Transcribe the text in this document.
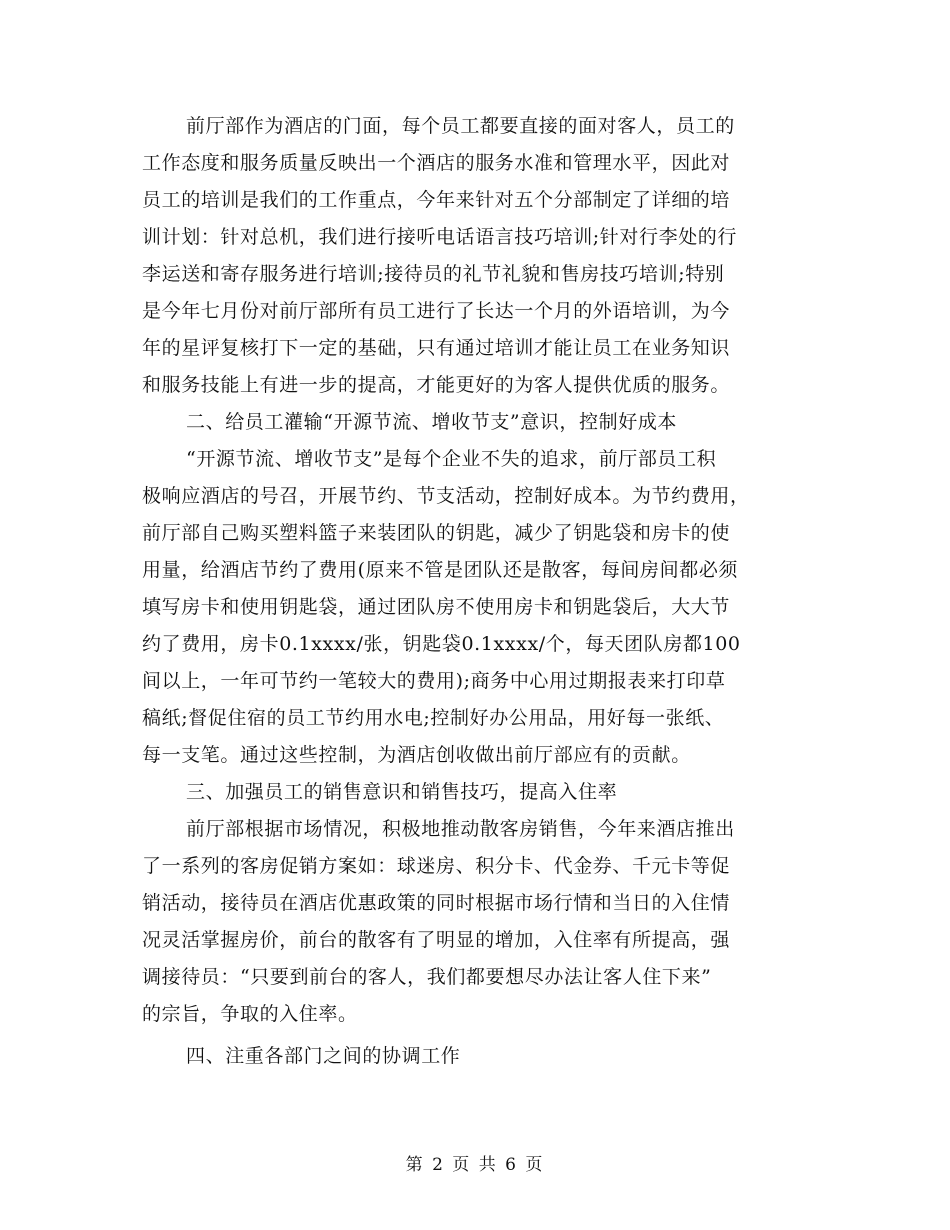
前厅部作为酒店的门面，每个员工都要直接的面对客人，员工的
工作态度和服务质量反映出一个酒店的服务水准和管理水平，因此对
员工的培训是我们的工作重点，今年来针对五个分部制定了详细的培
训计划：针对总机，我们进行接听电话语言技巧培训;针对行李处的行
李运送和寄存服务进行培训;接待员的礼节礼貌和售房技巧培训;特别
是今年七月份对前厅部所有员工进行了长达一个月的外语培训，为今
年的星评复核打下一定的基础，只有通过培训才能让员工在业务知识
和服务技能上有进一步的提高，才能更好的为客人提供优质的服务。
二、给员工灌输“开源节流、增收节支”意识，控制好成本
“开源节流、增收节支”是每个企业不失的追求，前厅部员工积
极响应酒店的号召，开展节约、节支活动，控制好成本。为节约费用，
前厅部自己购买塑料篮子来装团队的钥匙，减少了钥匙袋和房卡的使
用量，给酒店节约了费用(原来不管是团队还是散客，每间房间都必须
填写房卡和使用钥匙袋，通过团队房不使用房卡和钥匙袋后，大大节
约了费用，房卡0.1xxxx/张，钥匙袋0.1xxxx/个，每天团队房都100
间以上，一年可节约一笔较大的费用);商务中心用过期报表来打印草
稿纸;督促住宿的员工节约用水电;控制好办公用品，用好每一张纸、
每一支笔。通过这些控制，为酒店创收做出前厅部应有的贡献。
三、加强员工的销售意识和销售技巧，提高入住率
前厅部根据市场情况，积极地推动散客房销售，今年来酒店推出
了一系列的客房促销方案如：球迷房、积分卡、代金券、千元卡等促
销活动，接待员在酒店优惠政策的同时根据市场行情和当日的入住情
况灵活掌握房价，前台的散客有了明显的增加，入住率有所提高，强
调接待员：“只要到前台的客人，我们都要想尽办法让客人住下来”
的宗旨，争取的入住率。
四、注重各部门之间的协调工作
第 2 页 共 6 页
